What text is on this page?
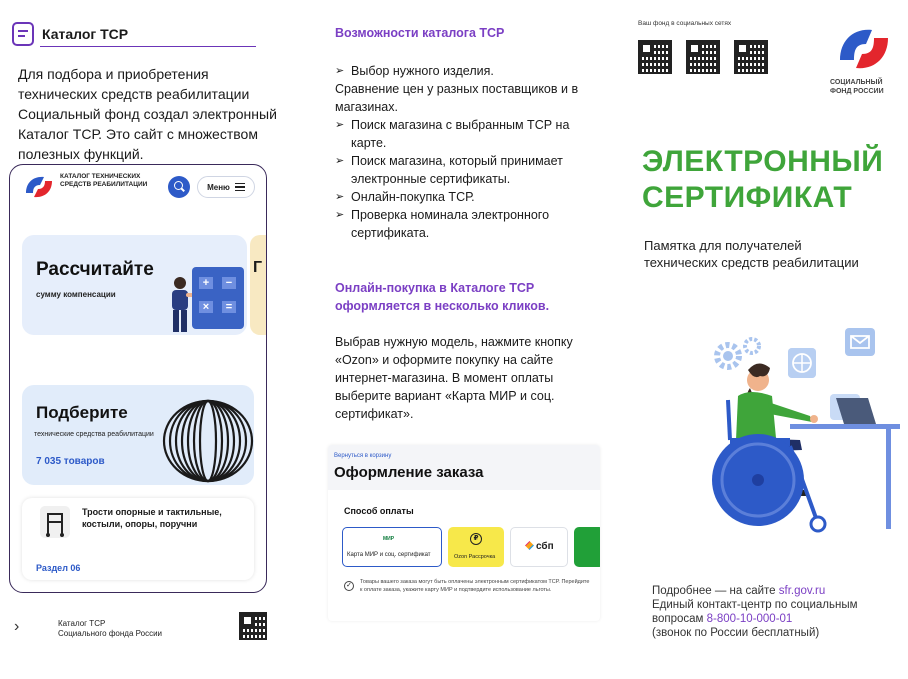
Каталог ТСР

Для подбора и приобретения технических средств реабилитации Социальный фонд создал электронный Каталог ТСР. Это сайт с множеством полезных функций.

КАТАЛОГ ТЕХНИЧЕСКИХ СРЕДСТВ РЕАБИЛИТАЦИИ	Меню
Рассчитайте
сумму компенсации
+	−
×	=
Г
Подберите
технические средства реабилитации
7 035 товаров
Трости опорные и тактильные, костыли, опоры, поручни
Раздел 06
›	Каталог ТСР
Социального фонда России
Возможности каталога ТСР
➢ Выбор нужного изделия.
Сравнение цен у разных поставщиков и в магазинах.
➢ Поиск магазина с выбранным ТСР на карте.
➢ Поиск магазина, который принимает электронные сертификаты.
➢ Онлайн-покупка ТСР.
➢ Проверка номинала электронного сертификата.
Онлайн-покупка в Каталоге ТСР оформляется в несколько кликов.

Выбрав нужную модель, нажмите кнопку «Ozon» и оформите покупку на сайте интернет-магазина. В момент оплаты выберите вариант «Карта МИР и соц. сертификат».

Вернуться в корзину
Оформление заказа
Способ оплаты
МИР
Карта МИР и соц. сертификат
₽
Ozon Рассрочка
сбп
✓	Товары вашего заказа могут быть оплачены электронным сертификатом ТСР. Перейдите к оплате заказа, укажите карту МИР и подтвердите использование льготы.
Ваш фонд в социальных сетях
СОЦИАЛЬНЫЙ
ФОНД РОССИИ
ЭЛЕКТРОННЫЙ
СЕРТИФИКАТ

Памятка для получателей технических средств реабилитации

Подробнее — на сайте sfr.gov.ru
Единый контакт-центр по социальным вопросам 8-800-10-000-01
(звонок по России бесплатный)
